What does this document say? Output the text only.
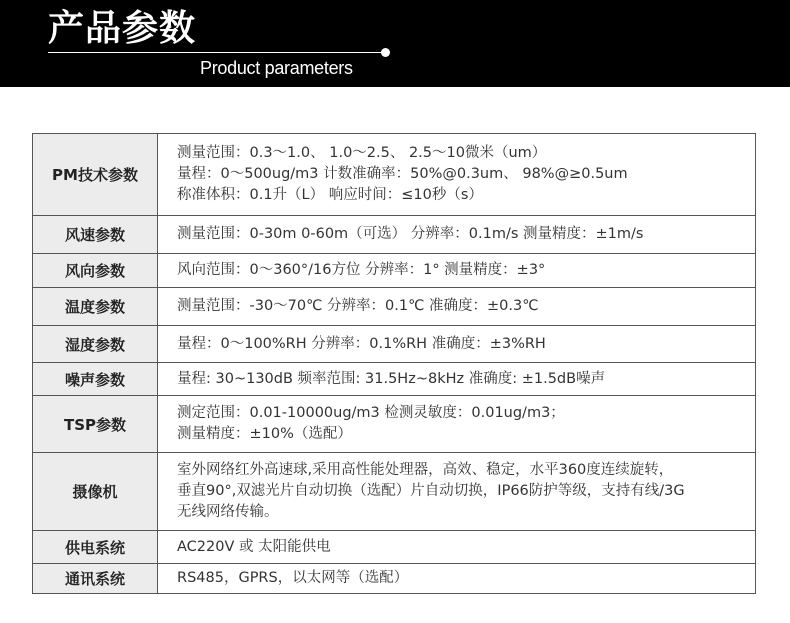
产品参数
Product parameters
PM技术参数	测量范围：0.3～1.0、 1.0～2.5、 2.5～10微米（um）
量程：0～500ug/m3 计数准确率：50%@0.3um、 98%@≥0.5um
称准体积：0.1升（L） 响应时间：≤10秒（s）

风速参数	测量范围：0-30m 0-60m（可选） 分辨率：0.1m/s 测量精度：±1m/s

风向参数	风向范围：0～360°/16方位 分辨率：1° 测量精度：±3°

温度参数	测量范围：-30～70℃ 分辨率：0.1℃ 准确度：±0.3℃

湿度参数	量程：0～100%RH 分辨率：0.1%RH 准确度：±3%RH

噪声参数	量程: 30~130dB 频率范围: 31.5Hz~8kHz 准确度: ±1.5dB噪声

TSP参数	测定范围：0.01-10000ug/m3 检测灵敏度：0.01ug/m3；
测量精度：±10%（选配）

摄像机	室外网络红外高速球,采用高性能处理器，高效、稳定，水平360度连续旋转，
垂直90°,双滤光片自动切换（选配）片自动切换，IP66防护等级，支持有线/3G
无线网络传输。

供电系统	AC220V 或 太阳能供电

通讯系统	RS485，GPRS，以太网等（选配）
